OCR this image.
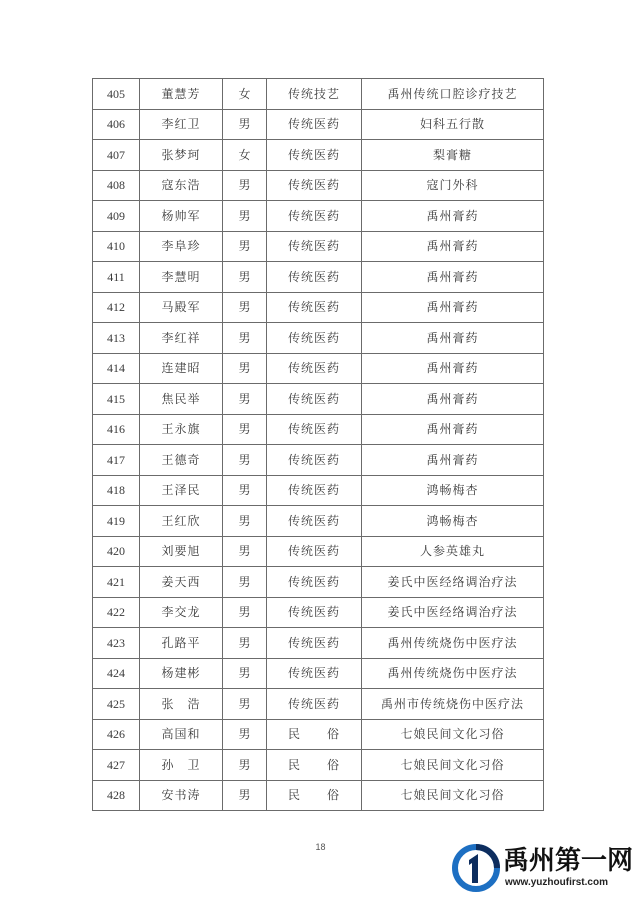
405	董慧芳	女	传统技艺	禹州传统口腔诊疗技艺
406	李红卫	男	传统医药	妇科五行散
407	张梦珂	女	传统医药	梨膏糖
408	寇东浩	男	传统医药	寇门外科
409	杨帅军	男	传统医药	禹州膏药
410	李阜珍	男	传统医药	禹州膏药
411	李慧明	男	传统医药	禹州膏药
412	马殿军	男	传统医药	禹州膏药
413	李红祥	男	传统医药	禹州膏药
414	连建昭	男	传统医药	禹州膏药
415	焦民举	男	传统医药	禹州膏药
416	王永旗	男	传统医药	禹州膏药
417	王德奇	男	传统医药	禹州膏药
418	王泽民	男	传统医药	鸿畅梅杏
419	王红欣	男	传统医药	鸿畅梅杏
420	刘要旭	男	传统医药	人参英雄丸
421	姜天西	男	传统医药	姜氏中医经络调治疗法
422	李交龙	男	传统医药	姜氏中医经络调治疗法
423	孔路平	男	传统医药	禹州传统烧伤中医疗法
424	杨建彬	男	传统医药	禹州传统烧伤中医疗法
425	张　浩	男	传统医药	禹州市传统烧伤中医疗法
426	高国和	男	民　　俗	七娘民间文化习俗
427	孙　卫	男	民　　俗	七娘民间文化习俗
428	安书涛	男	民　　俗	七娘民间文化习俗
18	禹州第一网
www.yuzhoufirst.com
